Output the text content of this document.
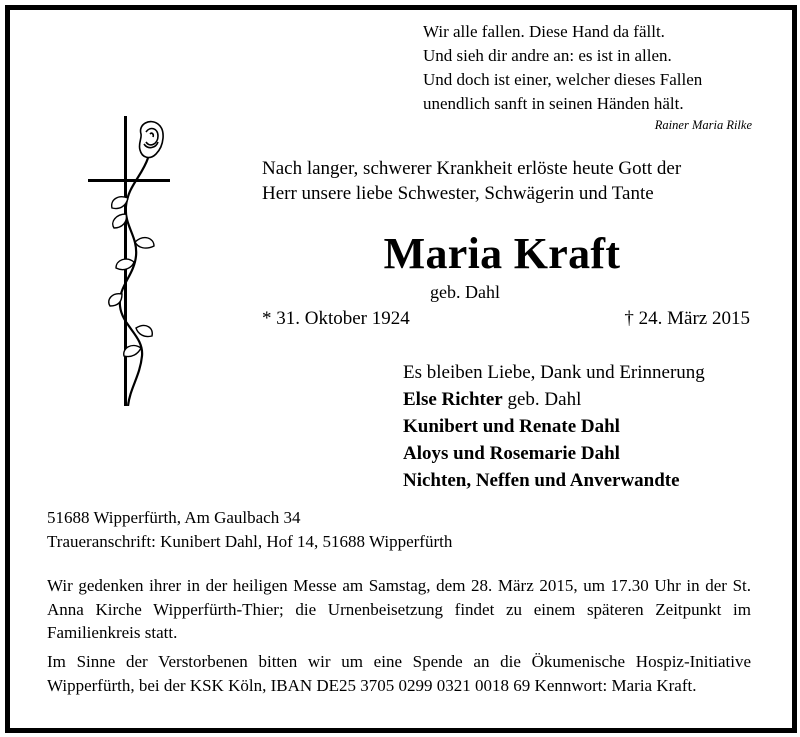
Wir alle fallen. Diese Hand da fällt.
Und sieh dir andre an: es ist in allen.
Und doch ist einer, welcher dieses Fallen
unendlich sanft in seinen Händen hält.
Rainer Maria Rilke
Nach langer, schwerer Krankheit erlöste heute Gott der
Herr unsere liebe Schwester, Schwägerin und Tante
Maria Kraft
geb. Dahl
* 31. Oktober 1924	† 24. März 2015
Es bleiben Liebe, Dank und Erinnerung
Else Richter geb. Dahl
Kunibert und Renate Dahl
Aloys und Rosemarie Dahl
Nichten, Neffen und Anverwandte
51688 Wipperfürth, Am Gaulbach 34
Traueranschrift: Kunibert Dahl, Hof 14, 51688 Wipperfürth
Wir gedenken ihrer in der heiligen Messe am Samstag, dem 28. März 2015, um 17.30 Uhr in der St. Anna Kirche Wipperfürth-Thier; die Urnenbeisetzung findet zu einem späteren Zeitpunkt im Familienkreis statt.
Im Sinne der Verstorbenen bitten wir um eine Spende an die Ökumenische Hospiz-Initiative Wipperfürth, bei der KSK Köln, IBAN DE25 3705 0299 0321 0018 69 Kennwort: Maria Kraft.
